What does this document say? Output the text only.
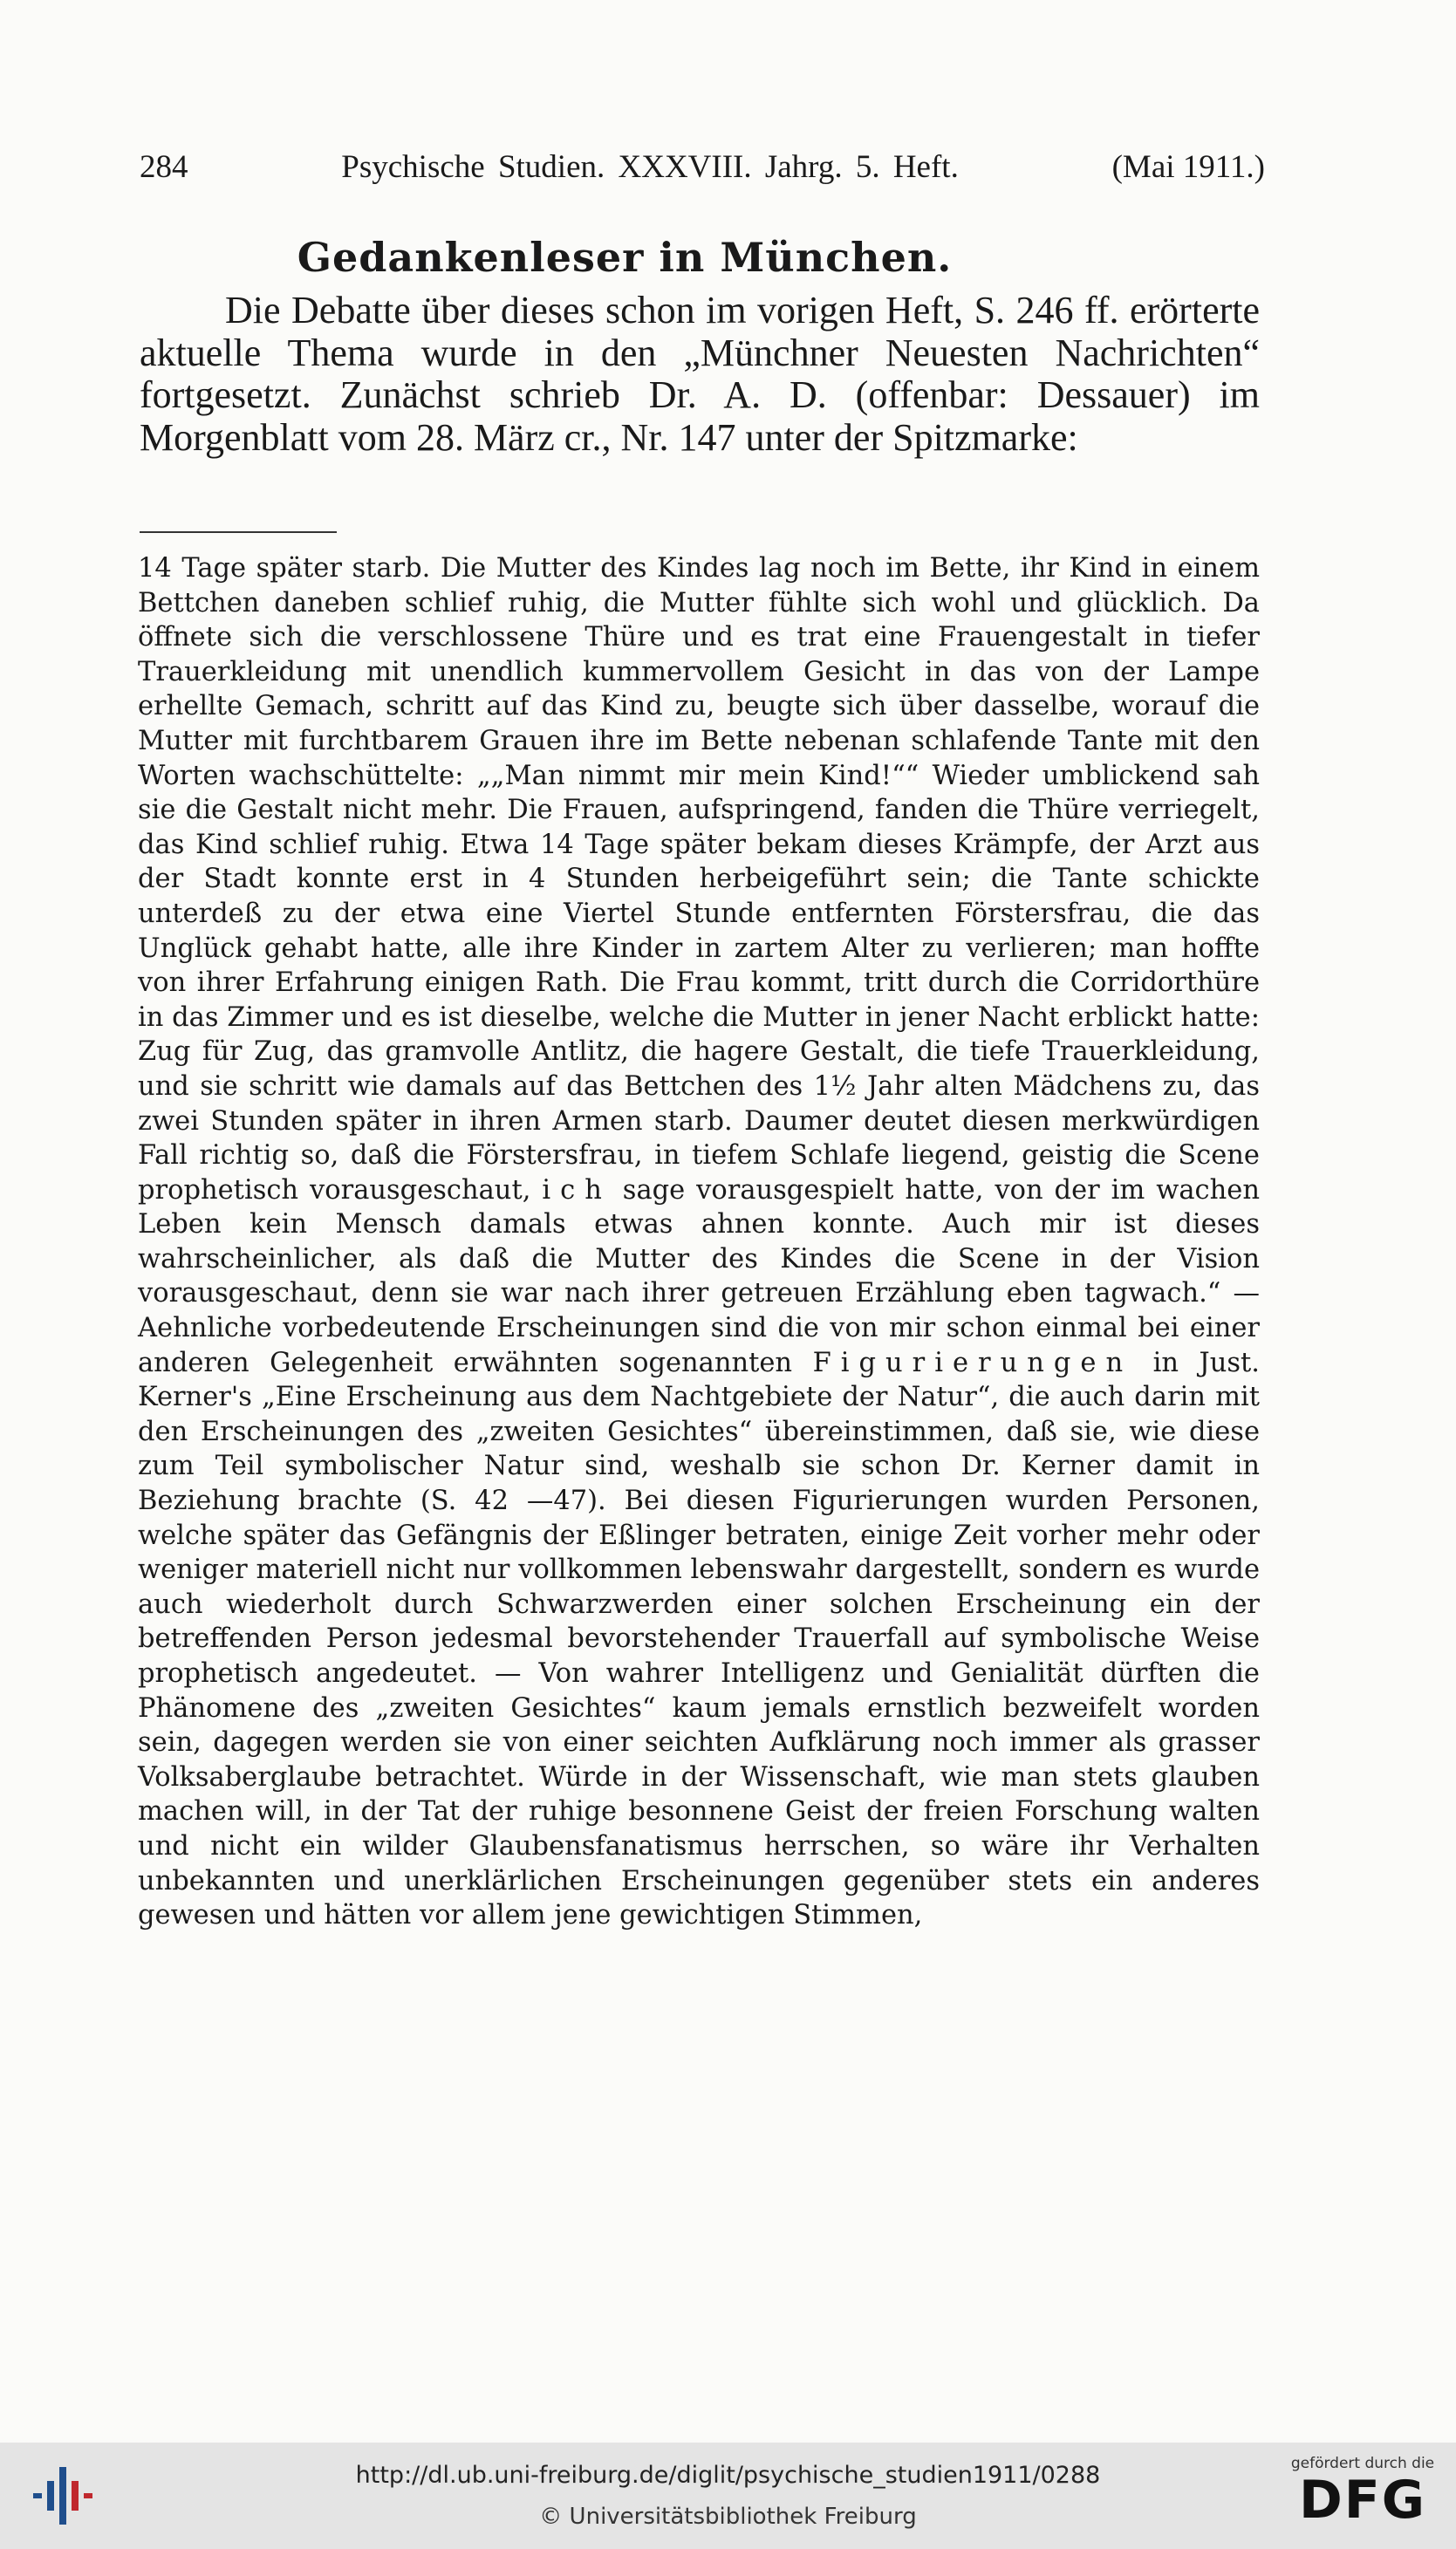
284	Psychische Studien. XXXVIII. Jahrg. 5. Heft.	(Mai 1911.)
Gedankenleser in München.

Die Debatte über dieses schon im vorigen Heft, S. 246 ff. erörterte aktuelle Thema wurde in den „Münchner Neuesten Nachrichten“ fortgesetzt. Zunächst schrieb Dr. A. D. (offenbar: Dessauer) im Morgenblatt vom 28. März cr., Nr. 147 unter der Spitzmarke:

14 Tage später starb. Die Mutter des Kindes lag noch im Bette, ihr Kind in einem Bettchen daneben schlief ruhig, die Mutter fühlte sich wohl und glücklich. Da öffnete sich die verschlossene Thüre und es trat eine Frauengestalt in tiefer Trauerkleidung mit unendlich kummervollem Gesicht in das von der Lampe erhellte Gemach, schritt auf das Kind zu, beugte sich über dasselbe, worauf die Mutter mit furchtbarem Grauen ihre im Bette nebenan schlafende Tante mit den Worten wachschüttelte: „„Man nimmt mir mein Kind!““ Wieder umblickend sah sie die Gestalt nicht mehr. Die Frauen, aufspringend, fanden die Thüre verriegelt, das Kind schlief ruhig. Etwa 14 Tage später bekam dieses Krämpfe, der Arzt aus der Stadt konnte erst in 4 Stunden herbeigeführt sein; die Tante schickte unterdeß zu der etwa eine Viertel Stunde entfernten Förstersfrau, die das Unglück gehabt hatte, alle ihre Kinder in zartem Alter zu verlieren; man hoffte von ihrer Erfahrung einigen Rath. Die Frau kommt, tritt durch die Corridorthüre in das Zimmer und es ist dieselbe, welche die Mutter in jener Nacht erblickt hatte: Zug für Zug, das gramvolle Antlitz, die hagere Gestalt, die tiefe Trauerkleidung, und sie schritt wie damals auf das Bettchen des 1½ Jahr alten Mädchens zu, das zwei Stunden später in ihren Armen starb. Daumer deutet diesen merkwürdigen Fall richtig so, daß die Förstersfrau, in tiefem Schlafe liegend, geistig die Scene prophetisch vorausgeschaut, ich sage vorausgespielt hatte, von der im wachen Leben kein Mensch damals etwas ahnen konnte. Auch mir ist dieses wahrscheinlicher, als daß die Mutter des Kindes die Scene in der Vision vorausgeschaut, denn sie war nach ihrer getreuen Erzählung eben tagwach.“ — Aehnliche vorbedeutende Erscheinungen sind die von mir schon einmal bei einer anderen Gelegenheit erwähnten sogenannten Figurierungen in Just. Kerner's „Eine Erscheinung aus dem Nachtgebiete der Natur“, die auch darin mit den Erscheinungen des „zweiten Gesichtes“ übereinstimmen, daß sie, wie diese zum Teil symbolischer Natur sind, weshalb sie schon Dr. Kerner damit in Beziehung brachte (S. 42 —47). Bei diesen Figurierungen wurden Personen, welche später das Gefängnis der Eßlinger betraten, einige Zeit vorher mehr oder weniger materiell nicht nur vollkommen lebenswahr dargestellt, sondern es wurde auch wiederholt durch Schwarzwerden einer solchen Erscheinung ein der betreffenden Person jedesmal bevorstehender Trauerfall auf symbolische Weise prophetisch angedeutet. — Von wahrer Intelligenz und Genialität dürften die Phänomene des „zweiten Gesichtes“ kaum jemals ernstlich bezweifelt worden sein, dagegen werden sie von einer seichten Aufklärung noch immer als grasser Volksaberglaube betrachtet. Würde in der Wissenschaft, wie man stets glauben machen will, in der Tat der ruhige besonnene Geist der freien Forschung walten und nicht ein wilder Glaubensfanatismus herrschen, so wäre ihr Verhalten unbekannten und unerklärlichen Erscheinungen gegenüber stets ein anderes gewesen und hätten vor allem jene gewichtigen Stimmen,

http://dl.ub.uni-freiburg.de/diglit/psychische_studien1911/0288
© Universitätsbibliothek Freiburg
gefördert durch die
DFG
